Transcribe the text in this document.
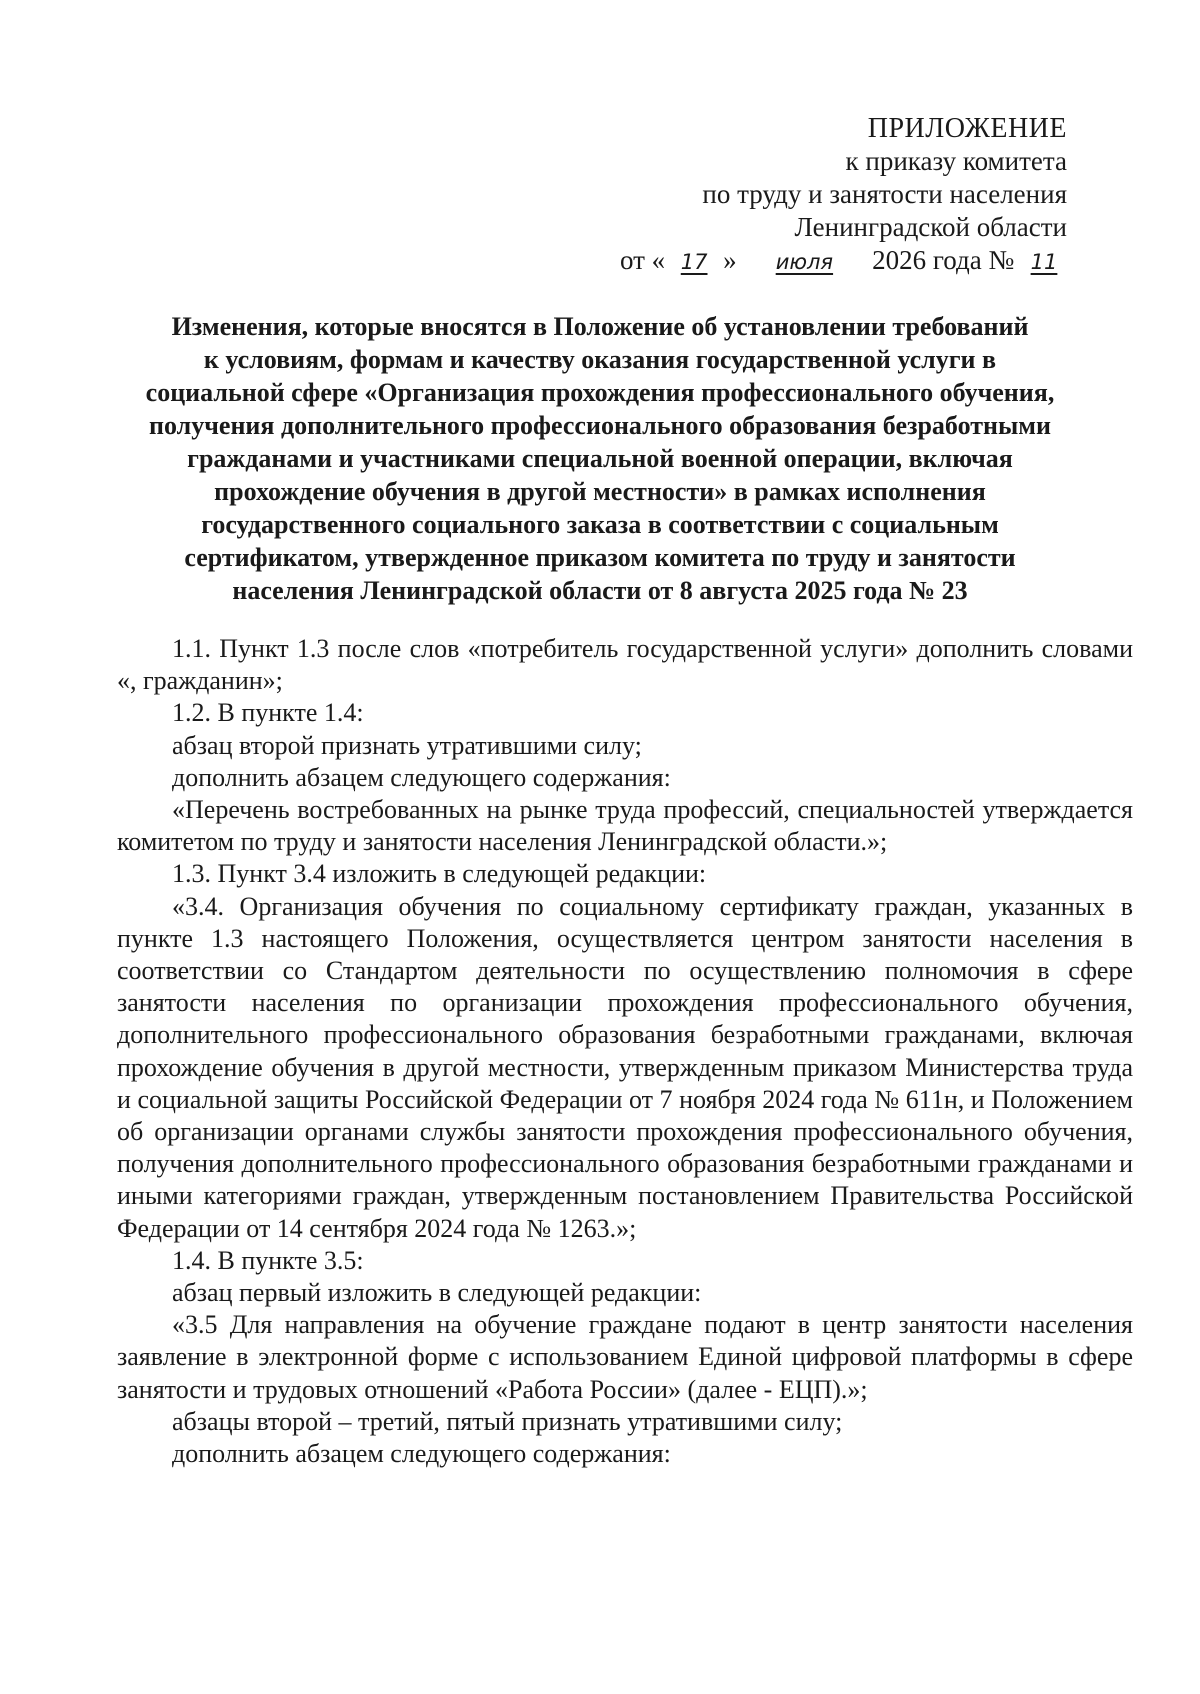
ПРИЛОЖЕНИЕ
к приказу комитета
по труду и занятости населения
Ленинградской области
от « 17 » июля 2026 года № 11
Изменения, которые вносятся в Положение об установлении требований
к условиям, формам и качеству оказания государственной услуги в
социальной сфере «Организация прохождения профессионального обучения,
получения дополнительного профессионального образования безработными
гражданами и участниками специальной военной операции, включая
прохождение обучения в другой местности» в рамках исполнения
государственного социального заказа в соответствии с социальным
сертификатом, утвержденное приказом комитета по труду и занятости
населения Ленинградской области от 8 августа 2025 года № 23

1.1. Пункт 1.3 после слов «потребитель государственной услуги» дополнить словами «, гражданин»;

1.2. В пункте 1.4:

абзац второй признать утратившими силу;

дополнить абзацем следующего содержания:

«Перечень востребованных на рынке труда профессий, специальностей утверждается комитетом по труду и занятости населения Ленинградской области.»;

1.3. Пункт 3.4 изложить в следующей редакции:

«3.4. Организация обучения по социальному сертификату граждан, указанных в пункте 1.3 настоящего Положения, осуществляется центром занятости населения в соответствии со Стандартом деятельности по осуществлению полномочия в сфере занятости населения по организации прохождения профессионального обучения, дополнительного профессионального образования безработными гражданами, включая прохождение обучения в другой местности, утвержденным приказом Министерства труда и социальной защиты Российской Федерации от 7 ноября 2024 года № 611н, и Положением об организации органами службы занятости прохождения профессионального обучения, получения дополнительного профессионального образования безработными гражданами и иными категориями граждан, утвержденным постановлением Правительства Российской Федерации от 14 сентября 2024 года № 1263.»;

1.4. В пункте 3.5:

абзац первый изложить в следующей редакции:

«3.5 Для направления на обучение граждане подают в центр занятости населения заявление в электронной форме с использованием Единой цифровой платформы в сфере занятости и трудовых отношений «Работа России» (далее - ЕЦП).»;

абзацы второй – третий, пятый признать утратившими силу;

дополнить абзацем следующего содержания:
